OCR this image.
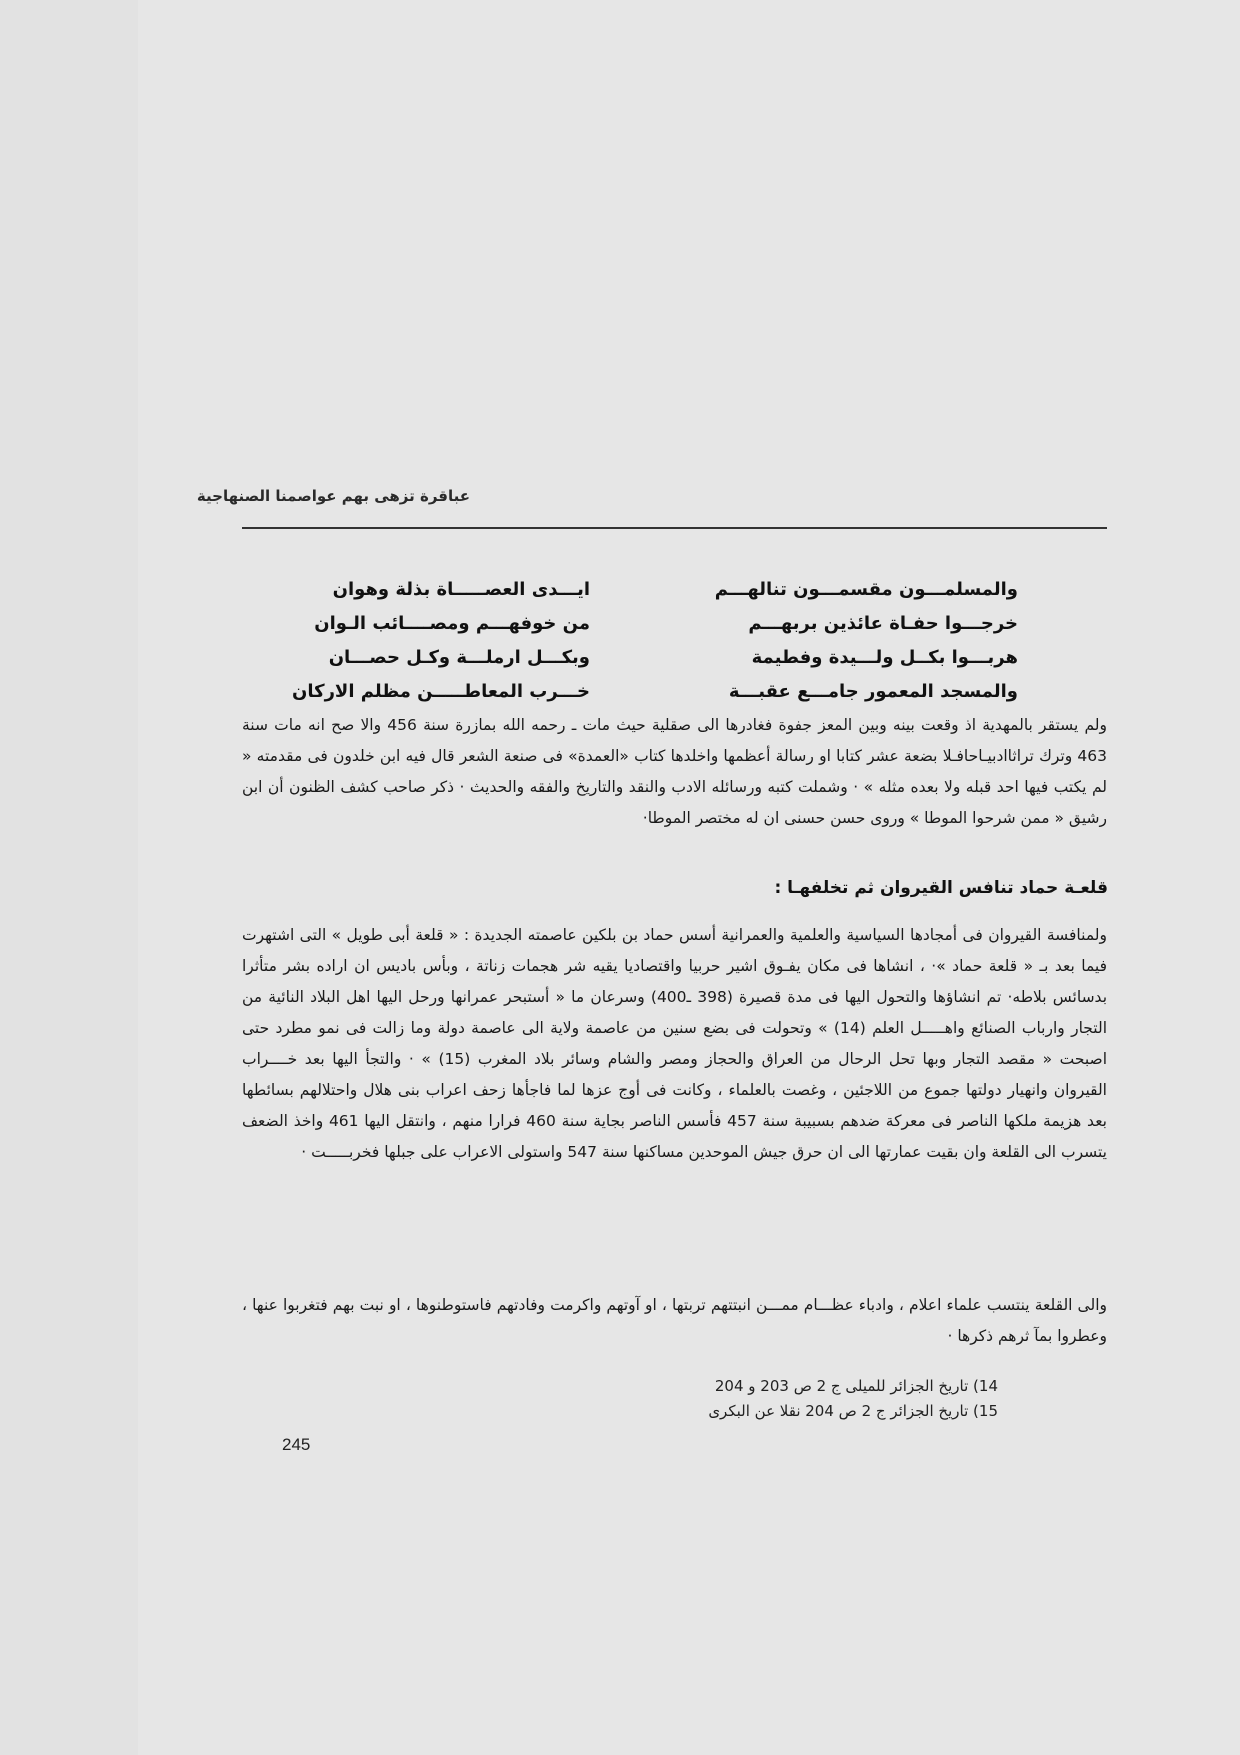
عباقرة تزهى بهم عواصمنا الصنهاجية
والمسلمـــون مقسمـــون تنالهـــم
خرجـــوا حفـاة عائذين بربهـــم
هربـــوا بكــل ولـــيدة وفطيمة
والمسجد المعمور جامـــع عقبـــة
ايـــدى العصـــــاة بذلة وهوان
من خوفهـــم ومصــــائب الـوان
وبكـــل ارملـــة وكـل حصـــان
خـــرب المعاطـــــن مظلم الاركان
ولم يستقر بالمهدية اذ وقعت بينه وبين المعز جفوة فغادرها الى صقلية حيث مات ـ رحمه الله بمازرة سنة 456 والا صح انه مات سنة 463 وترك تراثاادبيـاحافـلا بضعة عشر كتابا او رسالة أعظمها واخلدها كتاب «العمدة» فى صنعة الشعر قال فيه ابن خلدون فى مقدمته « لم يكتب فيها احد قبله ولا بعده مثله » · وشملت كتبه ورسائله الادب والنقد والتاريخ والفقه والحديث · ذكر صاحب كشف الظنون أن ابن رشيق « ممن شرحوا الموطا » وروى حسن حسنى ان له مختصر الموطا·
قلعـة حماد تنافس القيروان ثم تخلفهـا :
ولمنافسة القيروان فى أمجادها السياسية والعلمية والعمرانية أسس حماد بن بلكين عاصمته الجديدة : « قلعة أبى طويل » التى اشتهرت فيما بعد بـ « قلعة حماد »· ، انشاها فى مكان يفـوق اشير حربيا واقتصاديا يقيه شر هجمات زناتة ، وبأس باديس ان اراده بشر متأثرا بدسائس بلاطه· تم انشاؤها والتحول اليها فى مدة قصيرة (398 ـ400) وسرعان ما « أستبحر عمرانها ورحل اليها اهل البلاد النائية من التجار وارباب الصنائع واهـــــل العلم (14) » وتحولت فى بضع سنين من عاصمة ولاية الى عاصمة دولة وما زالت فى نمو مطرد حتى اصبحت « مقصد التجار وبها تحل الرحال من العراق والحجاز ومصر والشام وسائر بلاد المغرب (15) » · والتجأ اليها بعد خــــراب القيروان وانهيار دولتها جموع من اللاجئين ، وغصت بالعلماء ، وكانت فى أوج عزها لما فاجأها زحف اعراب بنى هلال واحتلالهم بسائطها بعد هزيمة ملكها الناصر فى معركة ضدهم بسبيبة سنة 457 فأسس الناصر بجاية سنة 460 فرارا منهم ، وانتقل اليها 461 واخذ الضعف يتسرب الى القلعة وان بقيت عمارتها الى ان حرق جيش الموحدين مساكنها سنة 547 واستولى الاعراب على جبلها فخربـــــت ·
والى القلعة ينتسب علماء اعلام ، وادباء عظـــام ممـــن انبتتهم تربتها ، او آوتهم واكرمت وفادتهم فاستوطنوها ، او نبت بهم فتغربوا عنها ، وعطروا بمآ ثرهم ذكرها ·
14) تاريخ الجزائر للميلى ج 2 ص 203 و 204
15) تاريخ الجزائر ج 2 ص 204 نقلا عن البكرى
245
